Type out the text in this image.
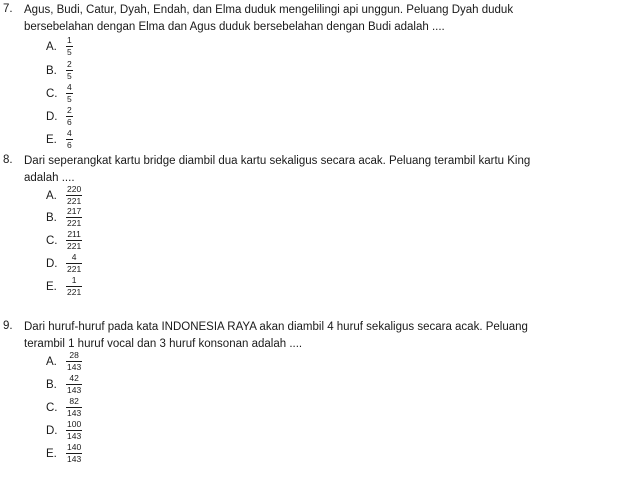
7. Agus, Budi, Catur, Dyah, Endah, dan Elma duduk mengelilingi api unggun. Peluang Dyah duduk
bersebelahan dengan Elma dan Agus duduk bersebelahan dengan Budi adalah ....
A.
1
5
B.
2
5
C.
4
5
D.
2
6
E.
4
6
8. Dari seperangkat kartu bridge diambil dua kartu sekaligus secara acak. Peluang terambil kartu King
adalah ....
A.
220
221
B.
217
221
C.
211
221
D.
4
221
E.
1
221
9. Dari huruf-huruf pada kata INDONESIA RAYA akan diambil 4 huruf sekaligus secara acak. Peluang
terambil 1 huruf vocal dan 3 huruf konsonan adalah ....
A.
28
143
B.
42
143
C.
82
143
D.
100
143
E.
140
143
